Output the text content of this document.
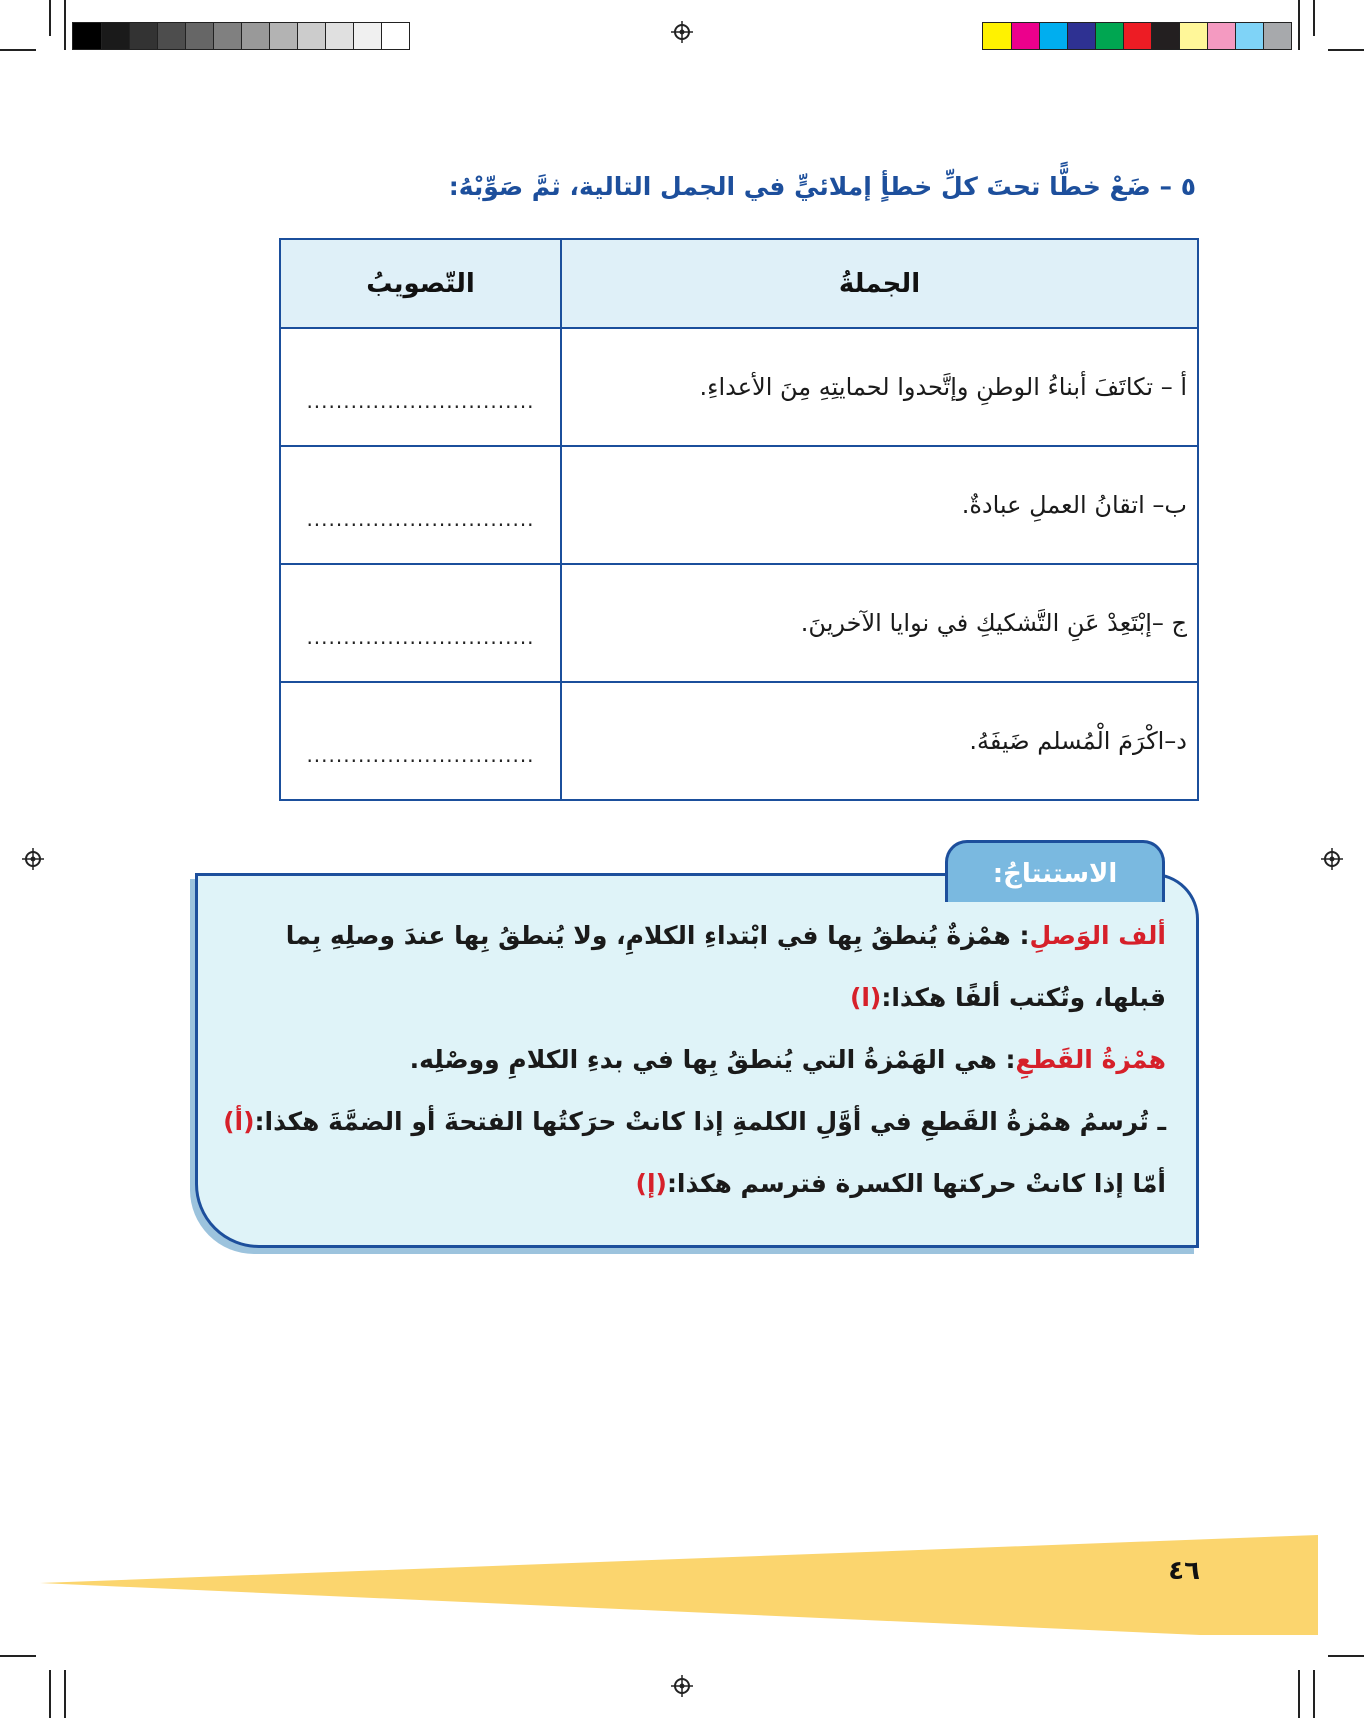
٥ – ضَعْ خطًّا تحتَ كلِّ خطأٍ إملائيٍّ في الجمل التالية، ثمَّ صَوِّبْهُ:
الجملةُ	التّصويبُ
أ – تكاتَفَ أبناءُ الوطنِ وإتَّحدوا لحمايتِهِ مِنَ الأعداءِ.	...............................
ب– اتقانُ العملِ عبادةٌ.	...............................
ج –إبْتَعِدْ عَنِ التَّشكيكِ في نوايا الآخرينَ.	...............................
د–اكْرَمَ الْمُسلم ضَيفَهُ.	...............................
الاستنتاجُ:

ألف الوَصلِ: همْزةٌ يُنطقُ بِها في ابْتداءِ الكلامِ، ولا يُنطقُ بِها عندَ وصلِهِ بِما قبلها، وتُكتب ألفًا هكذا:(ا)

همْزةُ القَطعِ: هي الهَمْزةُ التي يُنطقُ بِها في بدءِ الكلامِ ووصْلِه.

ـ تُرسمُ همْزةُ القَطعِ في أوَّلِ الكلمةِ إذا كانتْ حرَكتُها الفتحةَ أو الضمَّةَ هكذا:(أ) أمّا إذا كانتْ حركتها الكسرة فترسم هكذا:(إ)

٤٦
